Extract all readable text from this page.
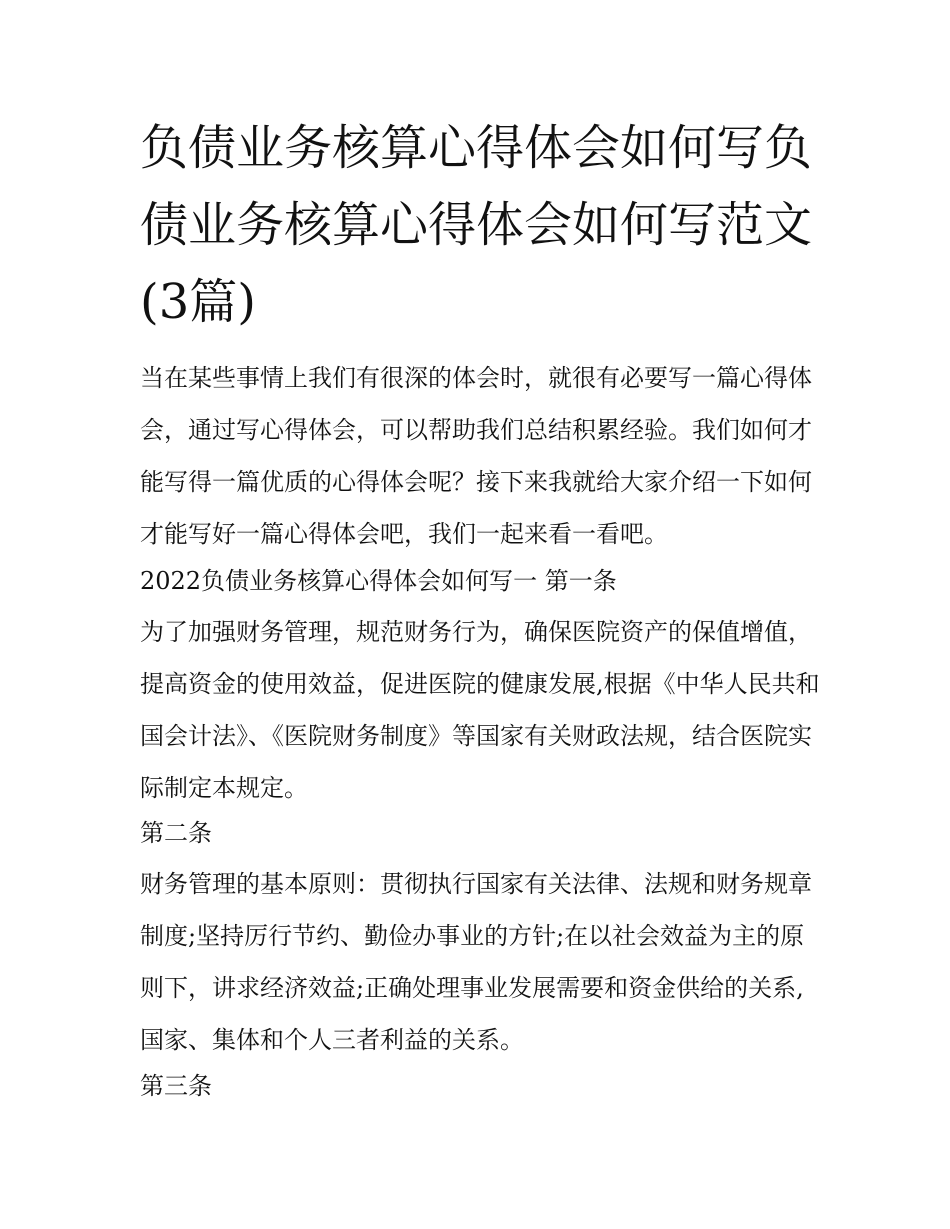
负债业务核算心得体会如何写负债业务核算心得体会如何写范文(3篇)

当在某些事情上我们有很深的体会时，就很有必要写一篇心得体会，通过写心得体会，可以帮助我们总结积累经验。我们如何才能写得一篇优质的心得体会呢？接下来我就给大家介绍一下如何才能写好一篇心得体会吧，我们一起来看一看吧。

2022负债业务核算心得体会如何写一 第一条

为了加强财务管理，规范财务行为，确保医院资产的保值增值，提高资金的使用效益，促进医院的健康发展,根据《中华人民共和国会计法》、《医院财务制度》等国家有关财政法规，结合医院实际制定本规定。

第二条

财务管理的基本原则：贯彻执行国家有关法律、法规和财务规章制度;坚持厉行节约、勤俭办事业的方针;在以社会效益为主的原则下，讲求经济效益;正确处理事业发展需要和资金供给的关系,国家、集体和个人三者利益的关系。

第三条
